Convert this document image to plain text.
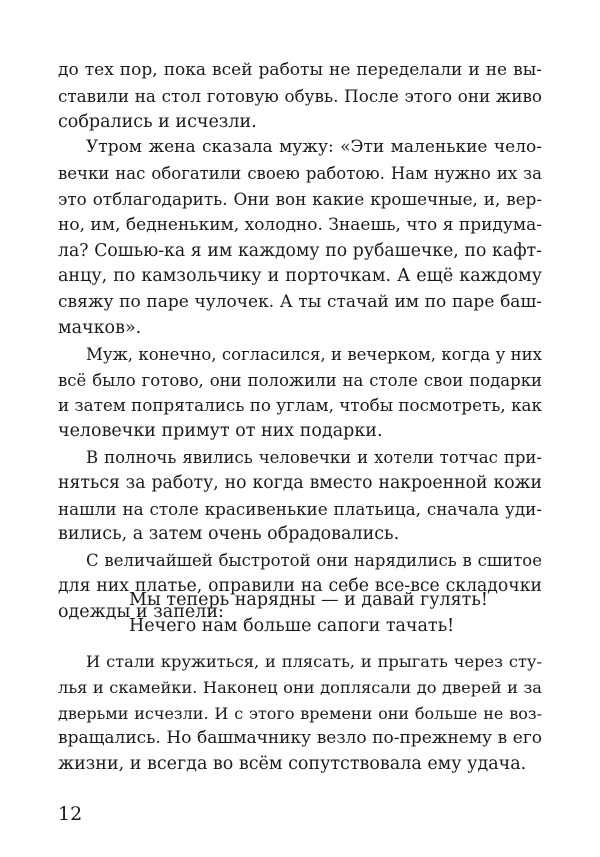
до тех пор, пока всей работы не переделали и не вы-
ставили на стол готовую обувь. После этого они живо
собрались и исчезли.
Утром жена сказала мужу: «Эти маленькие чело-
вечки нас обогатили своею работою. Нам нужно их за
это отблагодарить. Они вон какие крошечные, и, вер-
но, им, бедненьким, холодно. Знаешь, что я придума-
ла? Сошью-ка я им каждому по рубашечке, по кафт-
анцу, по камзольчику и порточкам. А ещё каждому
свяжу по паре чулочек. А ты стачай им по паре баш-
мачков».
Муж, конечно, согласился, и вечерком, когда у них
всё было готово, они положили на столе свои подарки
и затем попрятались по углам, чтобы посмотреть, как
человечки примут от них подарки.
В полночь явились человечки и хотели тотчас при-
няться за работу, но когда вместо накроенной кожи
нашли на столе красивенькие платьица, сначала уди-
вились, а затем очень обрадовались.
С величайшей быстротой они нарядились в сшитое
для них платье, оправили на себе все-все складочки
одежды и запели:
Мы теперь нарядны — и давай гулять!
Нечего нам больше сапоги тачать!
И стали кружиться, и плясать, и прыгать через сту-
лья и скамейки. Наконец они доплясали до дверей и за
дверьми исчезли. И с этого времени они больше не воз-
вращались. Но башмачнику везло по-прежнему в его
жизни, и всегда во всём сопутствовала ему удача.
12
